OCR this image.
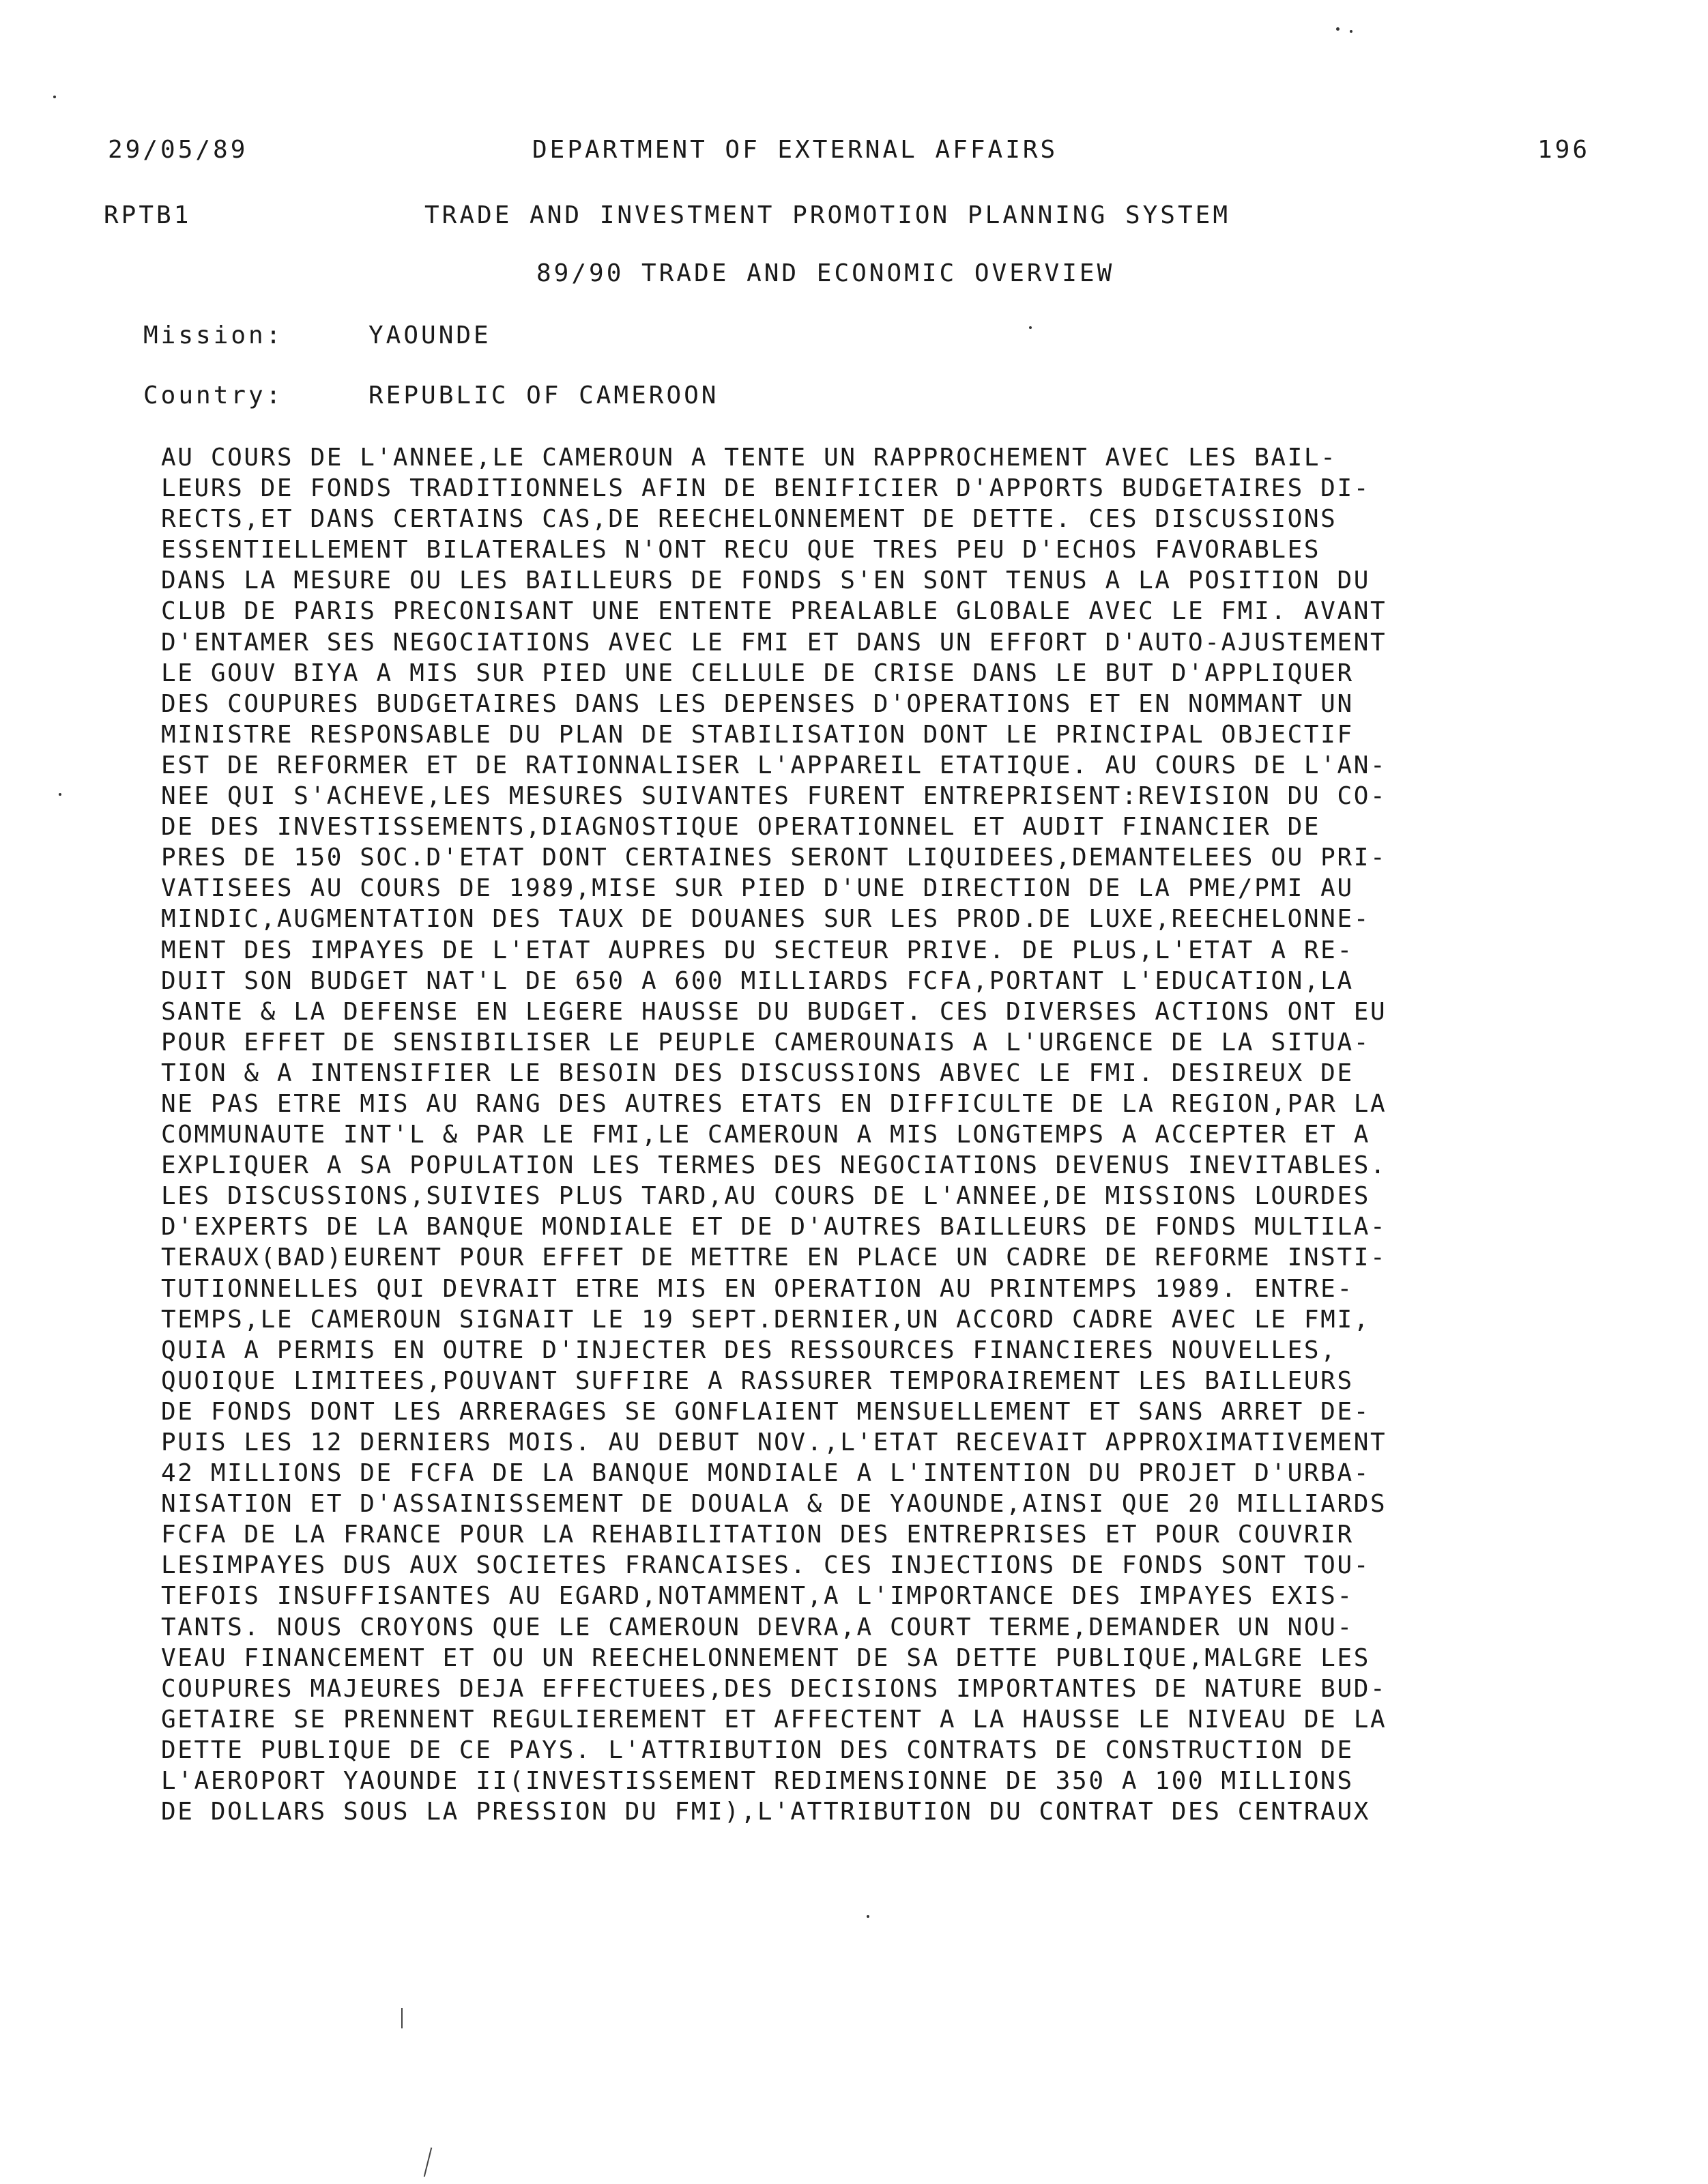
29/05/89	DEPARTMENT OF EXTERNAL AFFAIRS	196
RPTB1	TRADE AND INVESTMENT PROMOTION PLANNING SYSTEM
89/90 TRADE AND ECONOMIC OVERVIEW
Mission:	YAOUNDE
Country:	REPUBLIC OF CAMEROON
AU COURS DE L'ANNEE,LE CAMEROUN A TENTE UN RAPPROCHEMENT AVEC LES BAIL-
LEURS DE FONDS TRADITIONNELS AFIN DE BENIFICIER D'APPORTS BUDGETAIRES DI-
RECTS,ET DANS CERTAINS CAS,DE REECHELONNEMENT DE DETTE. CES DISCUSSIONS
ESSENTIELLEMENT BILATERALES N'ONT RECU QUE TRES PEU D'ECHOS FAVORABLES
DANS LA MESURE OU LES BAILLEURS DE FONDS S'EN SONT TENUS A LA POSITION DU
CLUB DE PARIS PRECONISANT UNE ENTENTE PREALABLE GLOBALE AVEC LE FMI. AVANT
D'ENTAMER SES NEGOCIATIONS AVEC LE FMI ET DANS UN EFFORT D'AUTO-AJUSTEMENT
LE GOUV BIYA A MIS SUR PIED UNE CELLULE DE CRISE DANS LE BUT D'APPLIQUER
DES COUPURES BUDGETAIRES DANS LES DEPENSES D'OPERATIONS ET EN NOMMANT UN
MINISTRE RESPONSABLE DU PLAN DE STABILISATION DONT LE PRINCIPAL OBJECTIF
EST DE REFORMER ET DE RATIONNALISER L'APPAREIL ETATIQUE. AU COURS DE L'AN-
NEE QUI S'ACHEVE,LES MESURES SUIVANTES FURENT ENTREPRISENT:REVISION DU CO-
DE DES INVESTISSEMENTS,DIAGNOSTIQUE OPERATIONNEL ET AUDIT FINANCIER DE
PRES DE 150 SOC.D'ETAT DONT CERTAINES SERONT LIQUIDEES,DEMANTELEES OU PRI-
VATISEES AU COURS DE 1989,MISE SUR PIED D'UNE DIRECTION DE LA PME/PMI AU
MINDIC,AUGMENTATION DES TAUX DE DOUANES SUR LES PROD.DE LUXE,REECHELONNE-
MENT DES IMPAYES DE L'ETAT AUPRES DU SECTEUR PRIVE. DE PLUS,L'ETAT A RE-
DUIT SON BUDGET NAT'L DE 650 A 600 MILLIARDS FCFA,PORTANT L'EDUCATION,LA
SANTE & LA DEFENSE EN LEGERE HAUSSE DU BUDGET. CES DIVERSES ACTIONS ONT EU
POUR EFFET DE SENSIBILISER LE PEUPLE CAMEROUNAIS A L'URGENCE DE LA SITUA-
TION & A INTENSIFIER LE BESOIN DES DISCUSSIONS ABVEC LE FMI. DESIREUX DE
NE PAS ETRE MIS AU RANG DES AUTRES ETATS EN DIFFICULTE DE LA REGION,PAR LA
COMMUNAUTE INT'L & PAR LE FMI,LE CAMEROUN A MIS LONGTEMPS A ACCEPTER ET A
EXPLIQUER A SA POPULATION LES TERMES DES NEGOCIATIONS DEVENUS INEVITABLES.
LES DISCUSSIONS,SUIVIES PLUS TARD,AU COURS DE L'ANNEE,DE MISSIONS LOURDES
D'EXPERTS DE LA BANQUE MONDIALE ET DE D'AUTRES BAILLEURS DE FONDS MULTILA-
TERAUX(BAD)EURENT POUR EFFET DE METTRE EN PLACE UN CADRE DE REFORME INSTI-
TUTIONNELLES QUI DEVRAIT ETRE MIS EN OPERATION AU PRINTEMPS 1989. ENTRE-
TEMPS,LE CAMEROUN SIGNAIT LE 19 SEPT.DERNIER,UN ACCORD CADRE AVEC LE FMI,
QUIA A PERMIS EN OUTRE D'INJECTER DES RESSOURCES FINANCIERES NOUVELLES,
QUOIQUE LIMITEES,POUVANT SUFFIRE A RASSURER TEMPORAIREMENT LES BAILLEURS
DE FONDS DONT LES ARRERAGES SE GONFLAIENT MENSUELLEMENT ET SANS ARRET DE-
PUIS LES 12 DERNIERS MOIS. AU DEBUT NOV.,L'ETAT RECEVAIT APPROXIMATIVEMENT
42 MILLIONS DE FCFA DE LA BANQUE MONDIALE A L'INTENTION DU PROJET D'URBA-
NISATION ET D'ASSAINISSEMENT DE DOUALA & DE YAOUNDE,AINSI QUE 20 MILLIARDS
FCFA DE LA FRANCE POUR LA REHABILITATION DES ENTREPRISES ET POUR COUVRIR
LESIMPAYES DUS AUX SOCIETES FRANCAISES. CES INJECTIONS DE FONDS SONT TOU-
TEFOIS INSUFFISANTES AU EGARD,NOTAMMENT,A L'IMPORTANCE DES IMPAYES EXIS-
TANTS. NOUS CROYONS QUE LE CAMEROUN DEVRA,A COURT TERME,DEMANDER UN NOU-
VEAU FINANCEMENT ET OU UN REECHELONNEMENT DE SA DETTE PUBLIQUE,MALGRE LES
COUPURES MAJEURES DEJA EFFECTUEES,DES DECISIONS IMPORTANTES DE NATURE BUD-
GETAIRE SE PRENNENT REGULIEREMENT ET AFFECTENT A LA HAUSSE LE NIVEAU DE LA
DETTE PUBLIQUE DE CE PAYS. L'ATTRIBUTION DES CONTRATS DE CONSTRUCTION DE
L'AEROPORT YAOUNDE II(INVESTISSEMENT REDIMENSIONNE DE 350 A 100 MILLIONS
DE DOLLARS SOUS LA PRESSION DU FMI),L'ATTRIBUTION DU CONTRAT DES CENTRAUX
